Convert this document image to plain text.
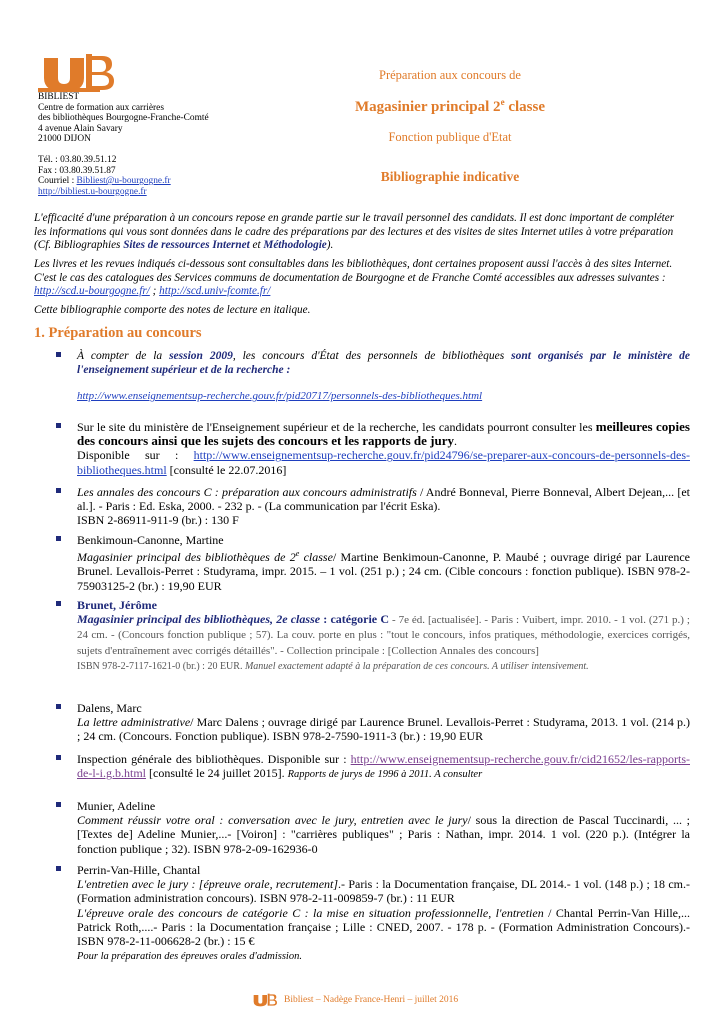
BIBLIEST
Centre de formation aux carrières
des bibliothèques Bourgogne-Franche-Comté
4 avenue Alain Savary
21000 DIJON
Tél. : 03.80.39.51.12
Fax : 03.80.39.51.87
Courriel : Bibliest@u-bourgogne.fr
http://bibliest.u-bourgogne.fr
Préparation aux concours de
Magasinier principal 2e classe
Fonction publique d'Etat
Bibliographie indicative
L'efficacité d'une préparation à un concours repose en grande partie sur le travail personnel des candidats. Il est donc important de compléter les informations qui vous sont données dans le cadre des préparations par des lectures et des visites de sites Internet utiles à votre préparation (Cf. Bibliographies Sites de ressources Internet et Méthodologie).
Les livres et les revues indiqués ci-dessous sont consultables dans les bibliothèques, dont certaines proposent aussi l'accès à des sites Internet. C'est le cas des catalogues des Services communs de documentation de Bourgogne et de Franche Comté accessibles aux adresses suivantes : http://scd.u-bourgogne.fr/ ; http://scd.univ-fcomte.fr/
Cette bibliographie comporte des notes de lecture en italique.
1. Préparation au concours
À compter de la session 2009, les concours d'État des personnels de bibliothèques sont organisés par le ministère de l'enseignement supérieur et de la recherche :
http://www.enseignementsup-recherche.gouv.fr/pid20717/personnels-des-bibliotheques.html
Sur le site du ministère de l'Enseignement supérieur et de la recherche, les candidats pourront consulter les meilleures copies des concours ainsi que les sujets des concours et les rapports de jury.
Disponible sur : http://www.enseignementsup-recherche.gouv.fr/pid24796/se-preparer-aux-concours-de-personnels-des-bibliotheques.html [consulté le 22.07.2016]
Les annales des concours C : préparation aux concours administratifs / André Bonneval, Pierre Bonneval, Albert Dejean,... [et al.]. - Paris : Ed. Eska, 2000. - 232 p. - (La communication par l'écrit Eska).
ISBN 2-86911-911-9 (br.) : 130 F
Benkimoun-Canonne, Martine
Magasinier principal des bibliothèques de 2e classe/ Martine Benkimoun-Canonne, P. Maubé ; ouvrage dirigé par Laurence Brunel. Levallois-Perret : Studyrama, impr. 2015. – 1 vol. (251 p.) ; 24 cm. (Cible concours : fonction publique). ISBN 978-2-75903125-2 (br.) : 19,90 EUR
Brunet, Jérôme
Magasinier principal des bibliothèques, 2e classe : catégorie C - 7e éd. [actualisée]. - Paris : Vuibert, impr. 2010. - 1 vol. (271 p.) ; 24 cm. - (Concours fonction publique ; 57). La couv. porte en plus : "tout le concours, infos pratiques, méthodologie, exercices corrigés, sujets d'entraînement avec corrigés détaillés". - Collection principale : [Collection Annales des concours]
ISBN 978-2-7117-1621-0 (br.) : 20 EUR. Manuel exactement adapté à la préparation de ces concours. A utiliser intensivement.
Dalens, Marc
La lettre administrative/ Marc Dalens ; ouvrage dirigé par Laurence Brunel. Levallois-Perret : Studyrama, 2013. 1 vol. (214 p.) ; 24 cm. (Concours. Fonction publique). ISBN 978-2-7590-1911-3 (br.) : 19,90 EUR
Inspection générale des bibliothèques. Disponible sur : http://www.enseignementsup-recherche.gouv.fr/cid21652/les-rapports-de-l-i.g.b.html [consulté le 24 juillet 2015]. Rapports de jurys de 1996 à 2011. A consulter
Munier, Adeline
Comment réussir votre oral : conversation avec le jury, entretien avec le jury/ sous la direction de Pascal Tuccinardi, ... ; [Textes de] Adeline Munier,...- [Voiron] : "carrières publiques" ; Paris : Nathan, impr. 2014. 1 vol. (220 p.). (Intégrer la fonction publique ; 32). ISBN 978-2-09-162936-0
Perrin-Van-Hille, Chantal
L'entretien avec le jury : [épreuve orale, recrutement].- Paris : la Documentation française, DL 2014.- 1 vol. (148 p.) ; 18 cm.- (Formation administration concours). ISBN 978-2-11-009859-7 (br.) : 11 EUR
L'épreuve orale des concours de catégorie C : la mise en situation professionnelle, l'entretien / Chantal Perrin-Van Hille,... Patrick Roth,....- Paris : la Documentation française ; Lille : CNED, 2007. - 178 p. - (Formation Administration Concours).- ISBN 978-2-11-006628-2 (br.) : 15 €
Pour la préparation des épreuves orales d'admission.
Bibliest – Nadège France-Henri – juillet 2016
